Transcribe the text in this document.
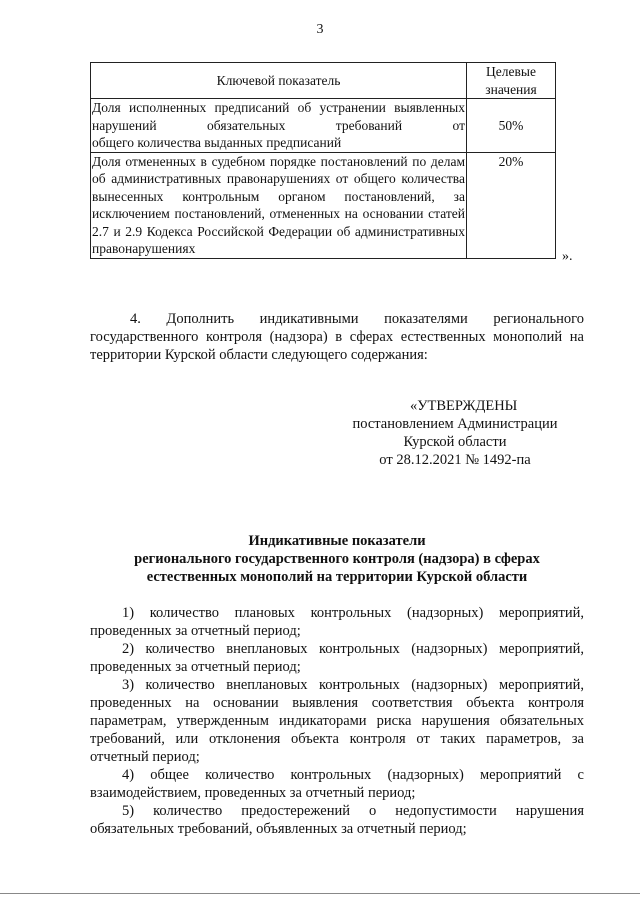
3
Ключевой показатель	Целевые значения
Доля исполненных предписаний об устранении выявленных нарушений обязательных требований от
общего количества выданных предписаний	50%
Доля отмененных в судебном порядке постановлений по делам об административных правонарушениях от общего количества вынесенных контрольным органом постановлений, за исключением постановлений, отмененных на основании статей 2.7 и 2.9 Кодекса Российской Федерации об административных
правонарушениях	20%
».
4. Дополнить индикативными показателями регионального государственного контроля (надзора) в сферах естественных монополий на территории Курской области следующего содержания:
«УТВЕРЖДЕНЫ
постановлением Администрации
Курской области
от 28.12.2021 № 1492-па
Индикативные показатели
регионального государственного контроля (надзора) в сферах
естественных монополий на территории Курской области
1) количество плановых контрольных (надзорных) мероприятий,
проведенных за отчетный период;
2) количество внеплановых контрольных (надзорных) мероприятий,
проведенных за отчетный период;
3) количество внеплановых контрольных (надзорных) мероприятий,
проведенных на основании выявления соответствия объекта контроля параметрам, утвержденным индикаторами риска нарушения обязательных требований, или отклонения объекта контроля от таких параметров, за отчетный период;
4) общее количество контрольных (надзорных) мероприятий с
взаимодействием, проведенных за отчетный период;
5) количество предостережений о недопустимости нарушения
обязательных требований, объявленных за отчетный период;
